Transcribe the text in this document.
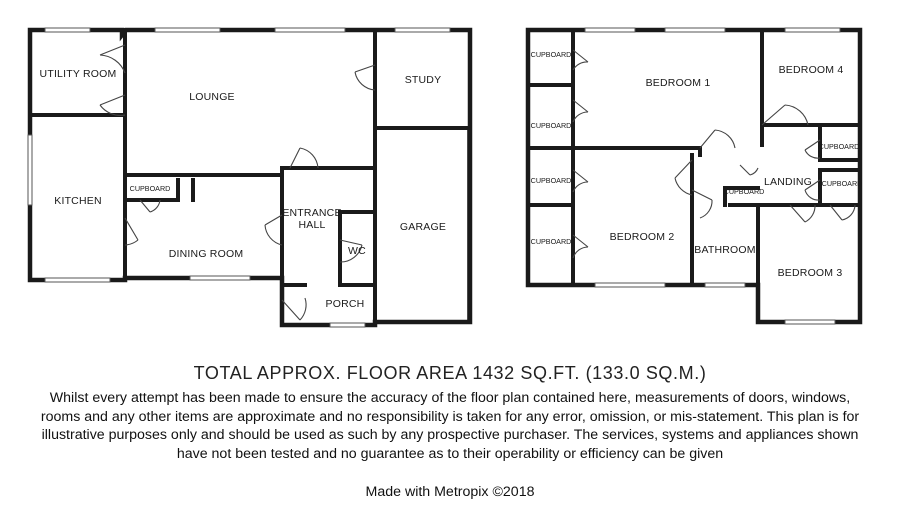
UTILITY ROOM
LOUNGE
STUDY
KITCHEN
CUPBOARD
ENTRANCE
HALL	GARAGE
DINING ROOM	WC
PORCH
CUPBOARD
CUPBOARD
CUPBOARD
CUPBOARD
CUPBOARD
CUPBOARD
CUPBOARD
BEDROOM 1
BEDROOM 4
LANDING
BEDROOM 2
BATHROOM
BEDROOM 3
TOTAL APPROX. FLOOR AREA 1432 SQ.FT. (133.0 SQ.M.)
Whilst every attempt has been made to ensure the accuracy of the floor plan contained here, measurements of doors, windows, rooms and any other items are approximate and no responsibility is taken for any error, omission, or mis-statement. This plan is for illustrative purposes only and should be used as such by any prospective purchaser. The services, systems and appliances shown have not been tested and no guarantee as to their operability or efficiency can be given
Made with Metropix ©2018
